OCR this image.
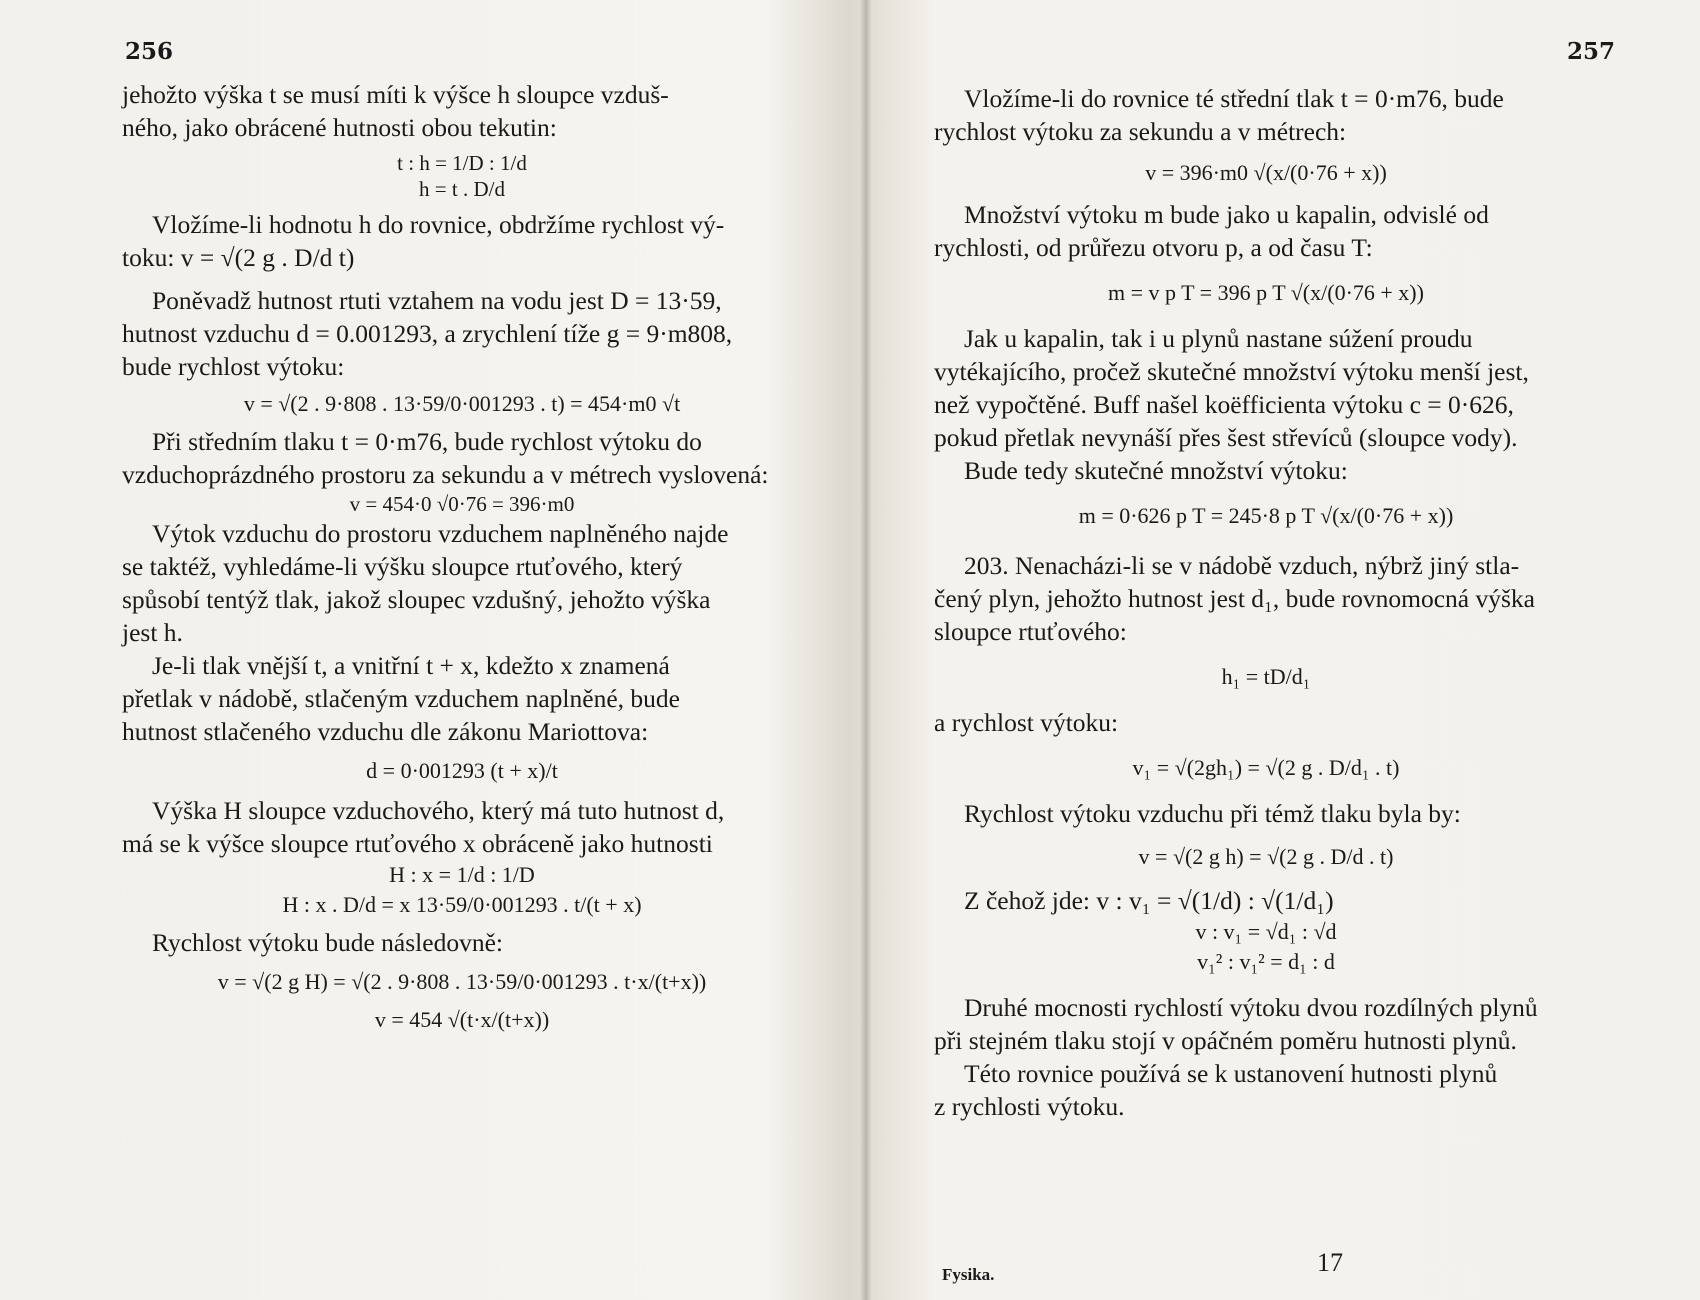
256

jehožto výška t se musí míti k výšce h sloupce vzduš-

ného, jako obrácené hutnosti obou tekutin:

t : h = 1/D : 1/d

h = t . D/d

Vložíme-li hodnotu h do rovnice, obdržíme rychlost vý-

toku: v = √(2 g . D/d t)

Poněvadž hutnost rtuti vztahem na vodu jest D = 13·59,

hutnost vzduchu d = 0.001293, a zrychlení tíže g = 9·m808,

bude rychlost výtoku:

v = √(2 . 9·808 . 13·59/0·001293 . t) = 454·m0 √t

Při středním tlaku t = 0·m76, bude rychlost výtoku do

vzduchoprázdného prostoru za sekundu a v métrech vyslovená:

v = 454·0 √0·76 = 396·m0

Výtok vzduchu do prostoru vzduchem naplněného najde

se taktéž, vyhledáme-li výšku sloupce rtuťového, který

spůsobí tentýž tlak, jakož sloupec vzdušný, jehožto výška

jest h.

Je-li tlak vnější t, a vnitřní t + x, kdežto x znamená

přetlak v nádobě, stlačeným vzduchem naplněné, bude

hutnost stlačeného vzduchu dle zákonu Mariottova:

d = 0·001293 (t + x)/t

Výška H sloupce vzduchového, který má tuto hutnost d,

má se k výšce sloupce rtuťového x obráceně jako hutnosti

H : x = 1/d : 1/D

H : x . D/d = x 13·59/0·001293 . t/(t + x)

Rychlost výtoku bude následovně:

v = √(2 g H) = √(2 . 9·808 . 13·59/0·001293 . t·x/(t+x))

v = 454 √(t·x/(t+x))

257

Vložíme-li do rovnice té střední tlak t = 0·m76, bude

rychlost výtoku za sekundu a v métrech:

v = 396·m0 √(x/(0·76 + x))

Množství výtoku m bude jako u kapalin, odvislé od

rychlosti, od průřezu otvoru p, a od času T:

m = v p T = 396 p T √(x/(0·76 + x))

Jak u kapalin, tak i u plynů nastane súžení proudu

vytékajícího, pročež skutečné množství výtoku menší jest,

než vypočtěné. Buff našel koëfficienta výtoku c = 0·626,

pokud přetlak nevynáší přes šest střevíců (sloupce vody).

Bude tedy skutečné množství výtoku:

m = 0·626 p T = 245·8 p T √(x/(0·76 + x))

203. Nenacházi-li se v nádobě vzduch, nýbrž jiný stla-

čený plyn, jehožto hutnost jest d₁, bude rovnomocná výška

sloupce rtuťového:

h₁ = tD/d₁

a rychlost výtoku:

v₁ = √(2gh₁) = √(2 g . D/d₁ . t)

Rychlost výtoku vzduchu při témž tlaku byla by:

v = √(2 g h) = √(2 g . D/d . t)

Z čehož jde: v : v₁ = √(1/d) : √(1/d₁)

v : v₁ = √d₁ : √d

v₁² : v₁² = d₁ : d

Druhé mocnosti rychlostí výtoku dvou rozdílných plynů

při stejném tlaku stojí v opáčném poměru hutnosti plynů.

Této rovnice používá se k ustanovení hutnosti plynů

z rychlosti výtoku.

Fysika.	17
